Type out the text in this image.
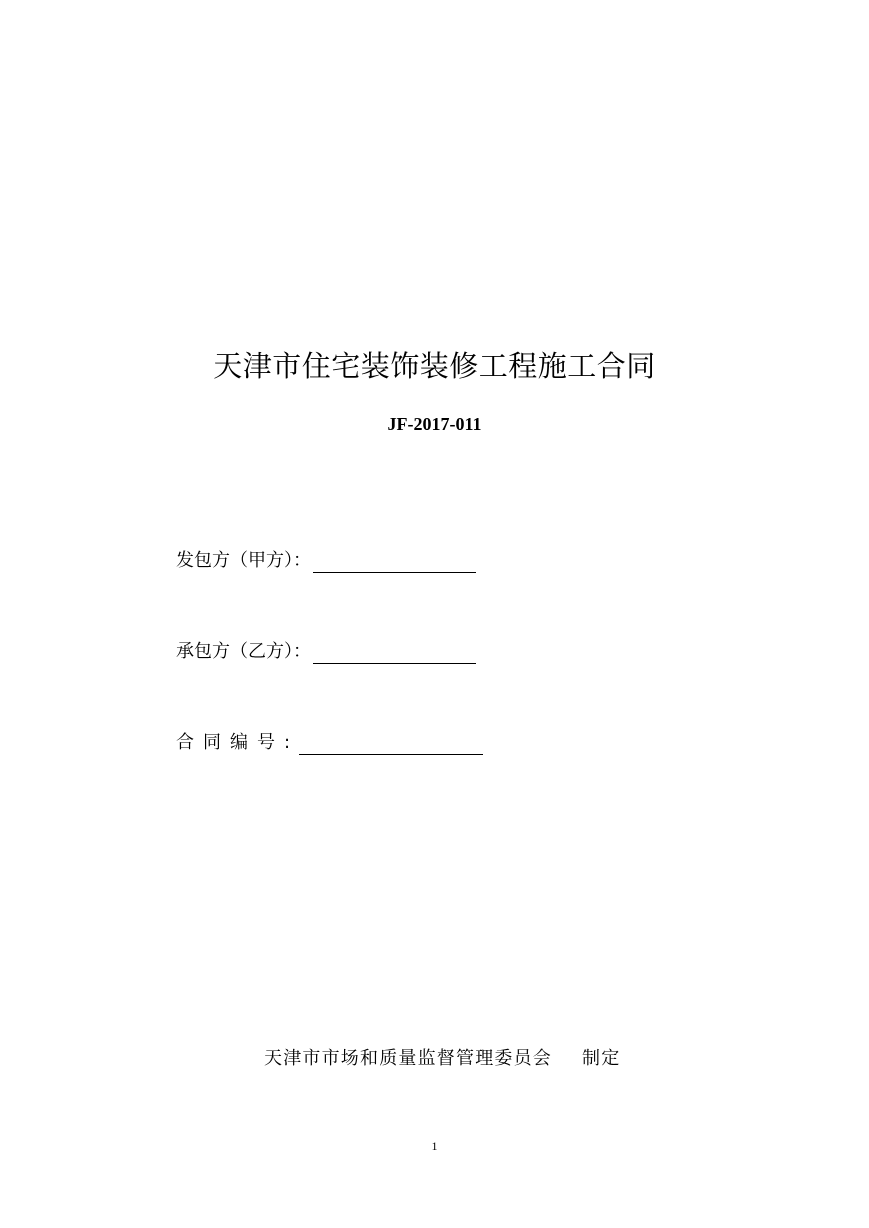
天津市住宅装饰装修工程施工合同
JF-2017-011
发包方（甲方）：
承包方（乙方）：
合同编号:
天津市市场和质量监督管理委员会 制定
1
